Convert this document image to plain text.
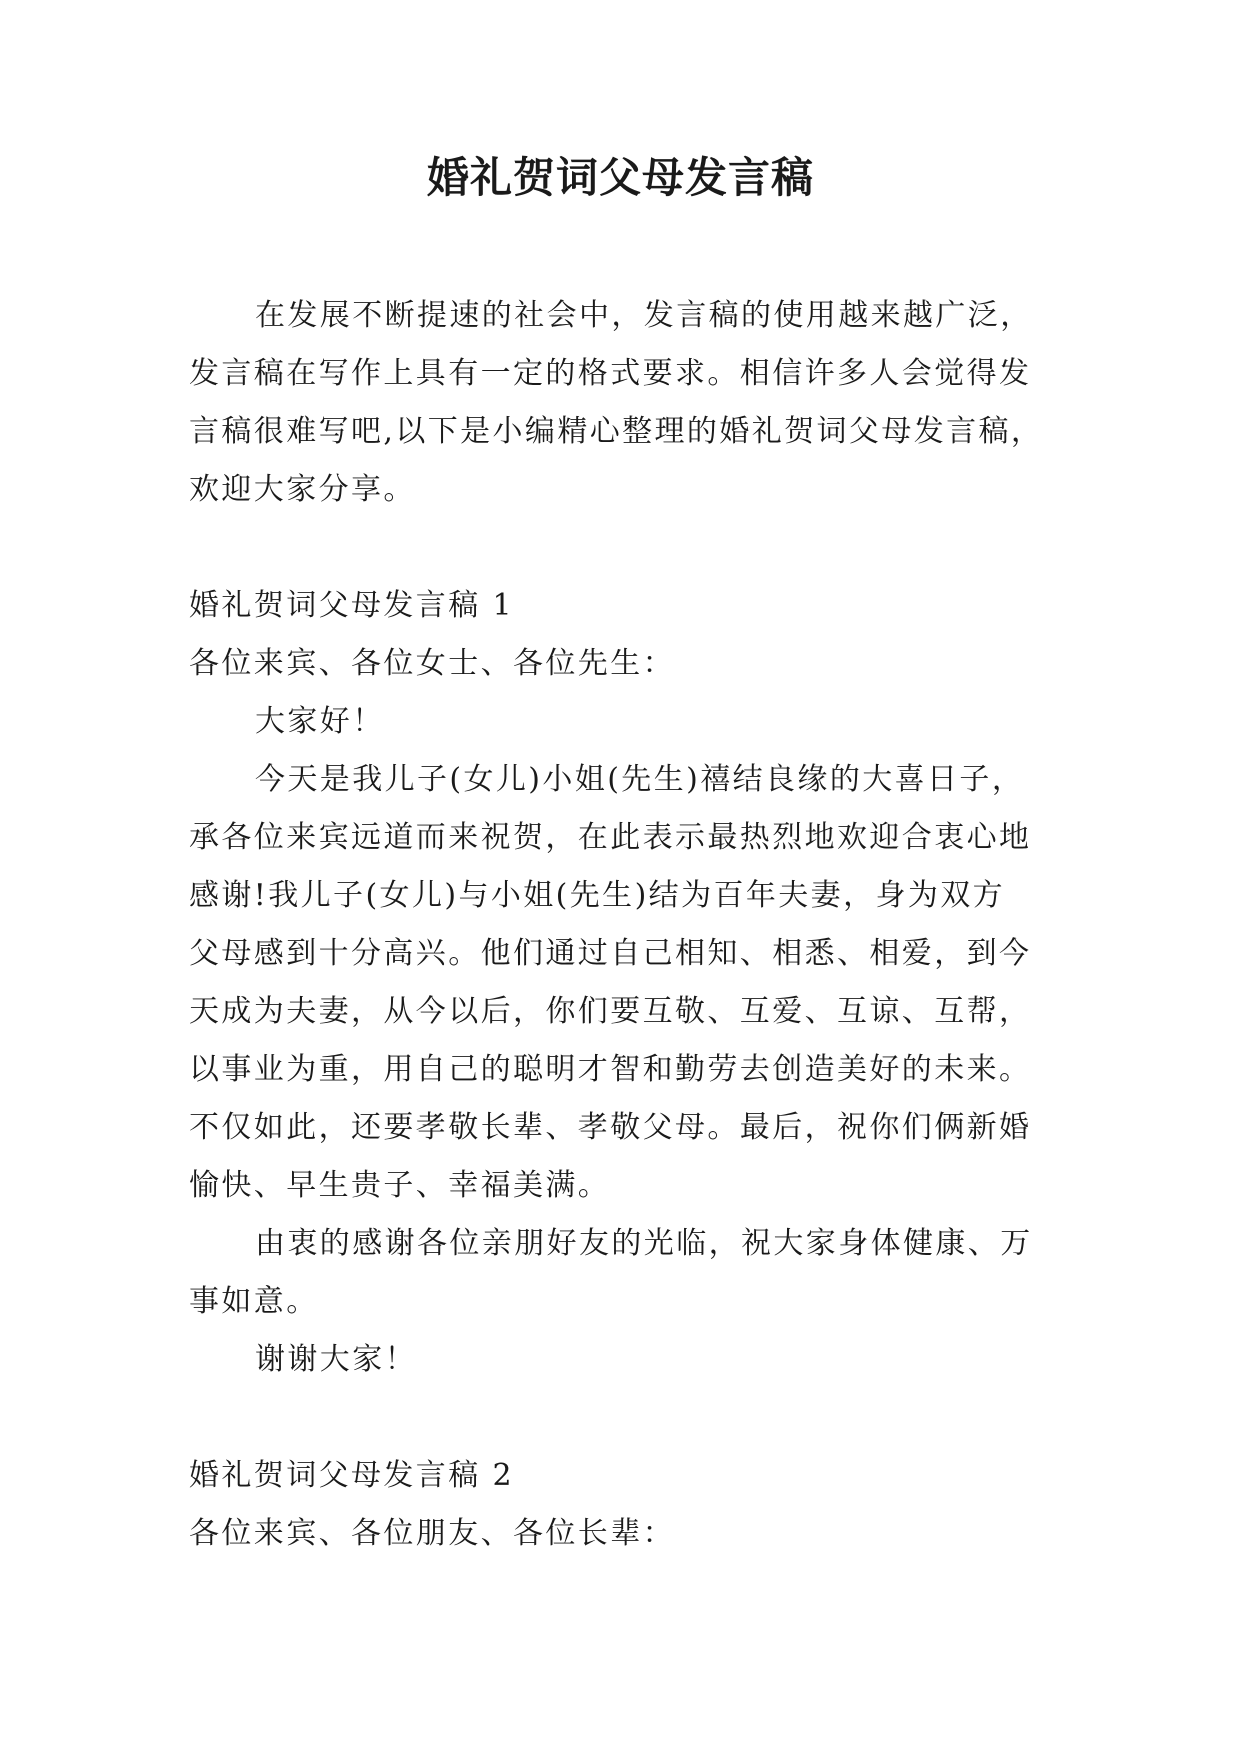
婚礼贺词父母发言稿
在发展不断提速的社会中，发言稿的使用越来越广泛，
发言稿在写作上具有一定的格式要求。相信许多人会觉得发
言稿很难写吧,以下是小编精心整理的婚礼贺词父母发言稿，
欢迎大家分享。
婚礼贺词父母发言稿 1
各位来宾、各位女士、各位先生：
大家好！
今天是我儿子(女儿)小姐(先生)禧结良缘的大喜日子，
承各位来宾远道而来祝贺，在此表示最热烈地欢迎合衷心地
感谢!我儿子(女儿)与小姐(先生)结为百年夫妻，身为双方
父母感到十分高兴。他们通过自己相知、相悉、相爱，到今
天成为夫妻，从今以后，你们要互敬、互爱、互谅、互帮，
以事业为重，用自己的聪明才智和勤劳去创造美好的未来。
不仅如此，还要孝敬长辈、孝敬父母。最后，祝你们俩新婚
愉快、早生贵子、幸福美满。
由衷的感谢各位亲朋好友的光临，祝大家身体健康、万
事如意。
谢谢大家！
婚礼贺词父母发言稿 2
各位来宾、各位朋友、各位长辈：
